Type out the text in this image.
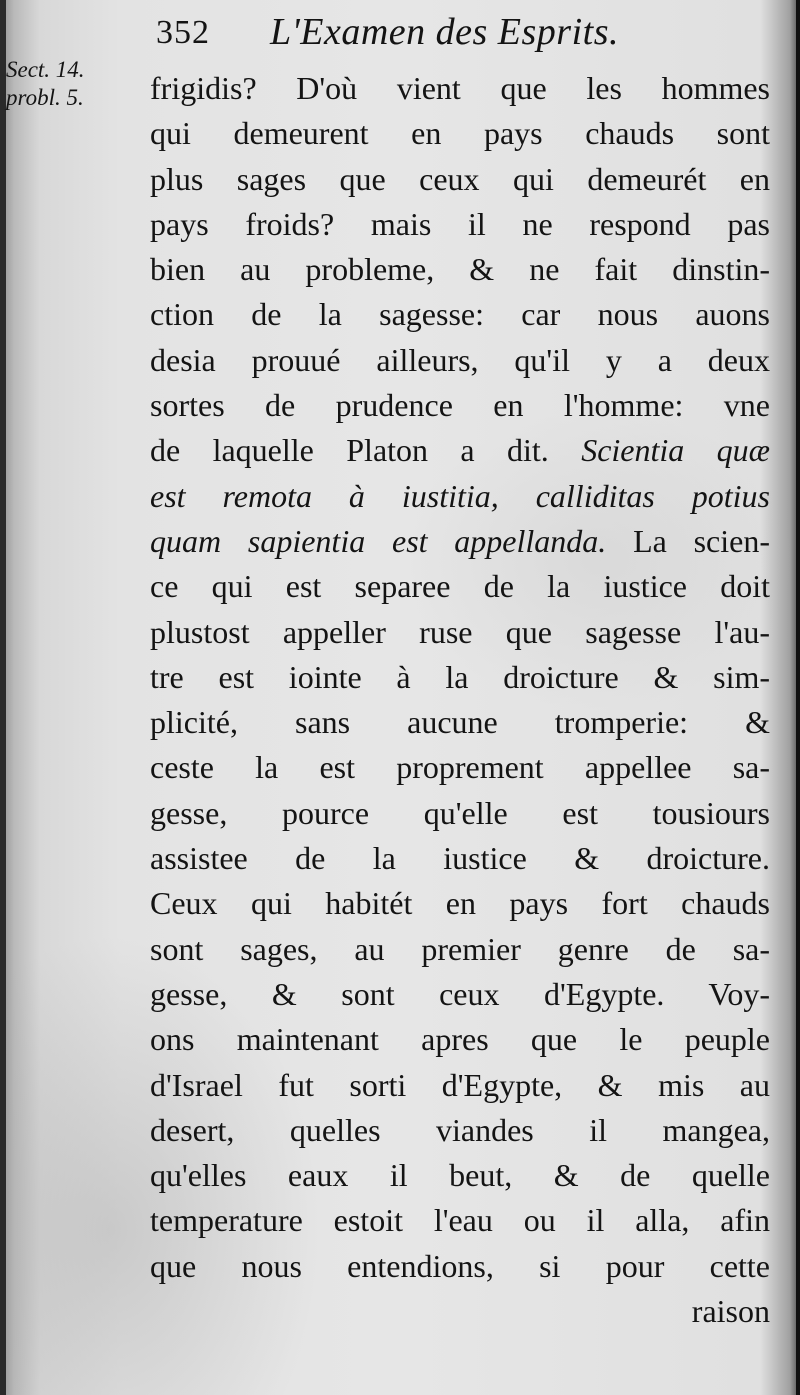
352 L'Examen des Esprits.
Sect. 14.
probl. 5.	frigidis? D'où vient que les hommes
qui demeurent en pays chauds sont
plus sages que ceux qui demeurét en
pays froids? mais il ne respond pas
bien au probleme, & ne fait dinstin-
ction de la sagesse: car nous auons
desia prouué ailleurs, qu'il y a deux
sortes de prudence en l'homme: vne
de laquelle Platon a dit. Scientia quæ
est remota à iustitia, calliditas potius
quam sapientia est appellanda. La scien-
ce qui est separee de la iustice doit
plustost appeller ruse que sagesse l'au-
tre est iointe à la droicture & sim-
plicité, sans aucune tromperie: &
ceste la est proprement appellee sa-
gesse, pource qu'elle est tousiours
assistee de la iustice & droicture.
Ceux qui habitét en pays fort chauds
sont sages, au premier genre de sa-
gesse, & sont ceux d'Egypte. Voy-
ons maintenant apres que le peuple
d'Israel fut sorti d'Egypte, & mis au
desert, quelles viandes il mangea,
qu'elles eaux il beut, & de quelle
temperature estoit l'eau ou il alla, afin
que nous entendions, si pour cette
raison
